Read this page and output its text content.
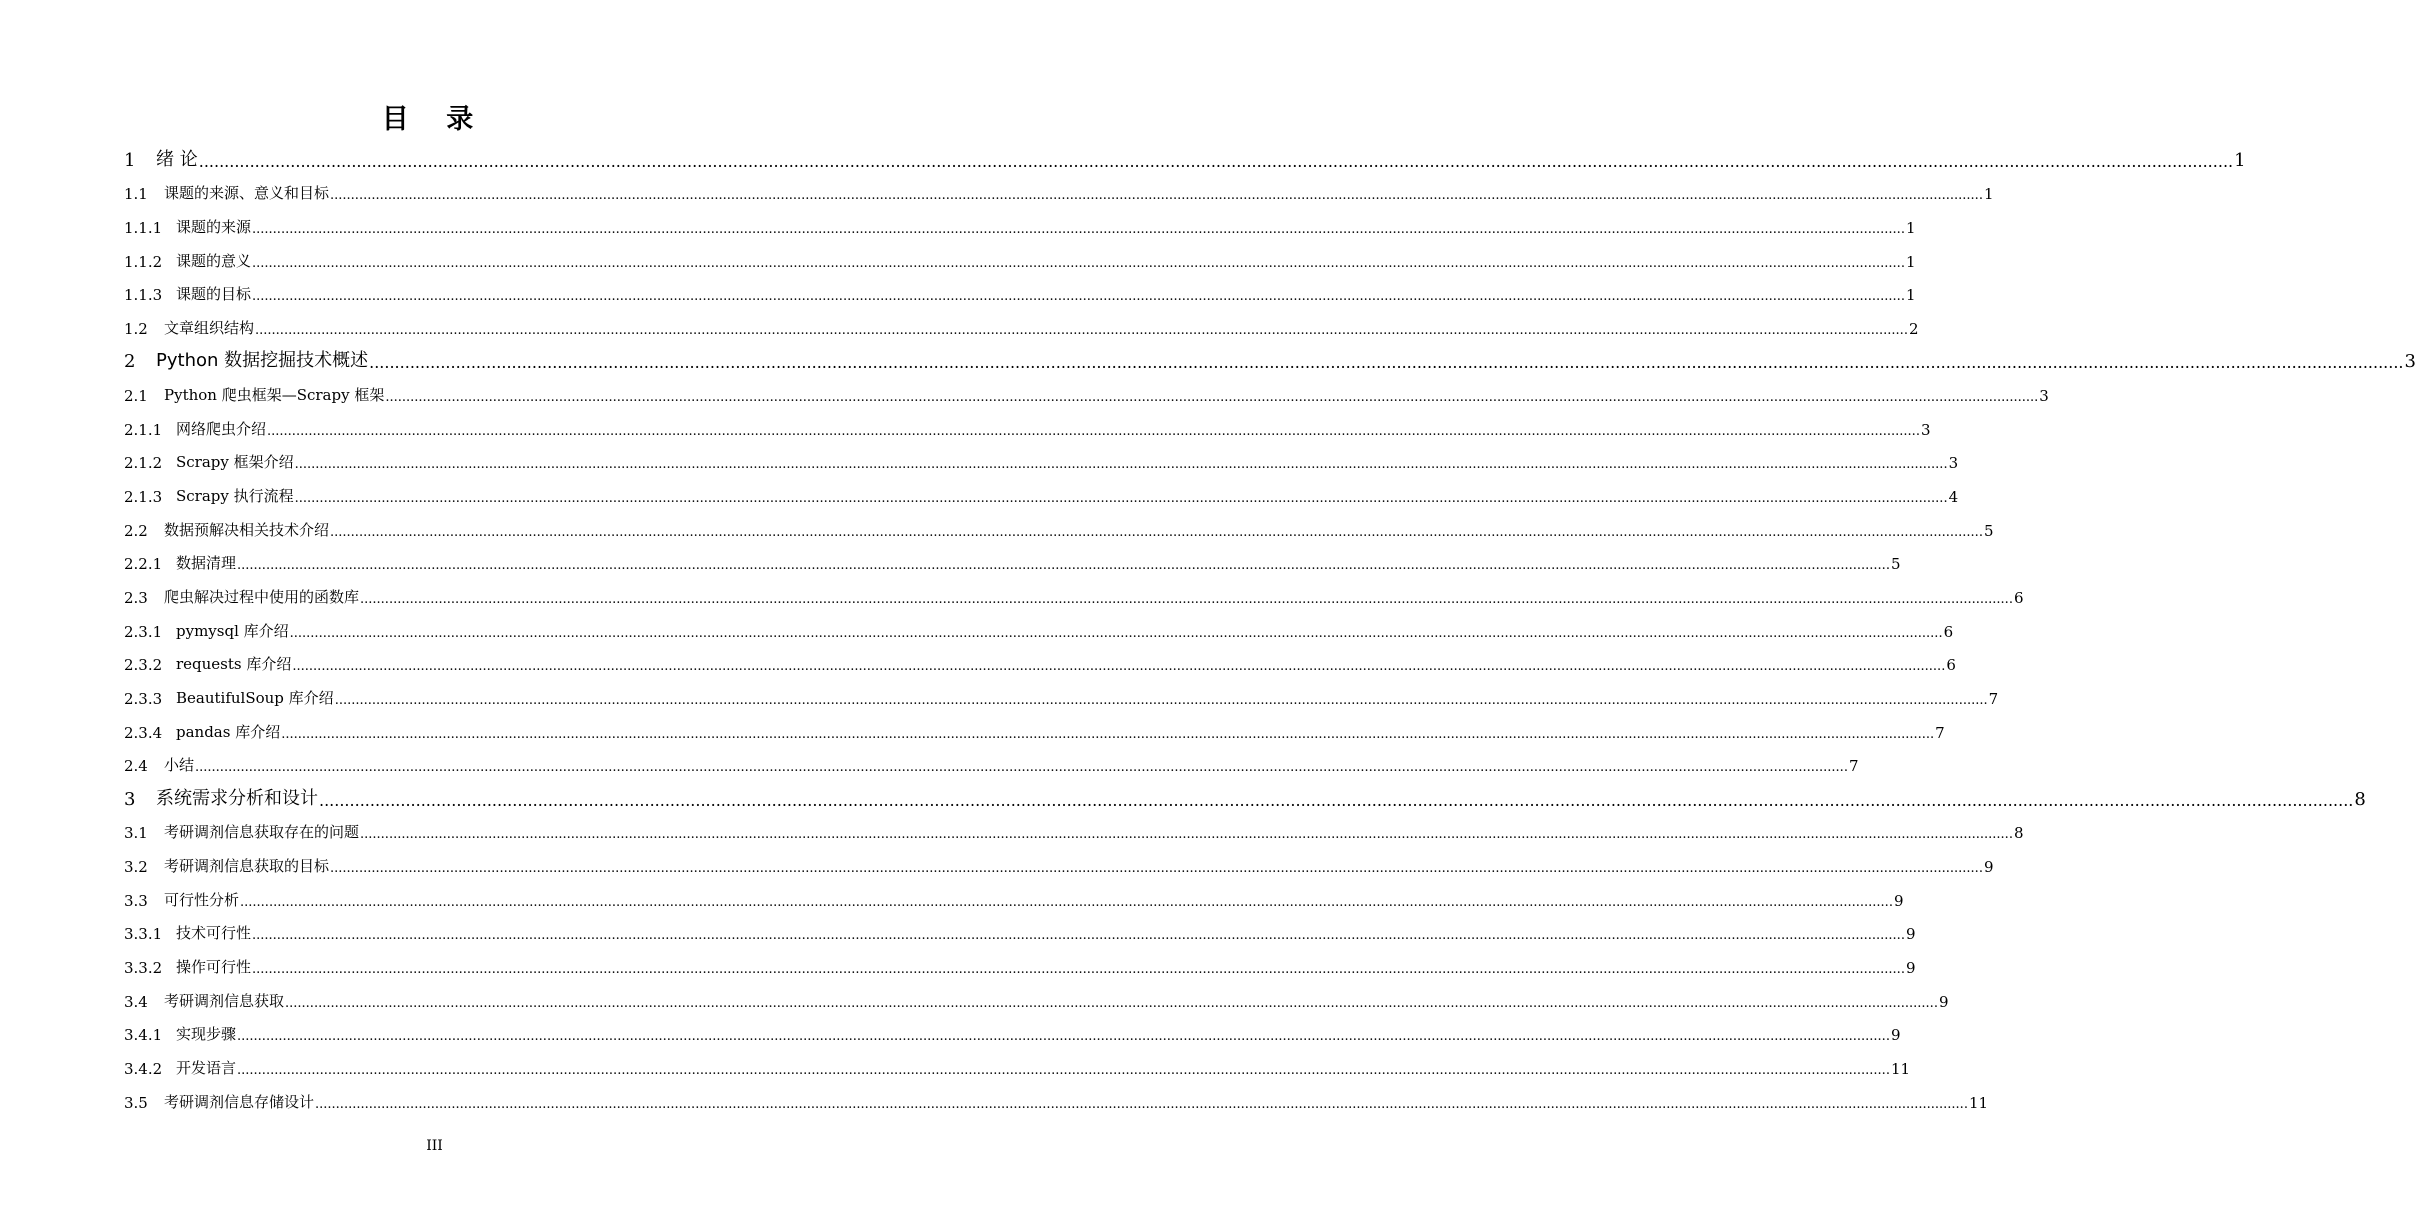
目 录
1	绪 论 ................................................................................................................................................................................................................................................................................................................................................................................................................ 1
1.1	课题的来源、意义和目标 ................................................................................................................................................................................................................................................................................................................................................................................................................ 1
1.1.1 课题的来源 ................................................................................................................................................................................................................................................................................................................................................................................................................ 1
1.1.2 课题的意义 ................................................................................................................................................................................................................................................................................................................................................................................................................ 1
1.1.3 课题的目标 ................................................................................................................................................................................................................................................................................................................................................................................................................ 1
1.2	文章组织结构 ................................................................................................................................................................................................................................................................................................................................................................................................................ 2
2	Python 数据挖掘技术概述 ................................................................................................................................................................................................................................................................................................................................................................................................................ 3
2.1	Python 爬虫框架—Scrapy 框架 ................................................................................................................................................................................................................................................................................................................................................................................................................ 3
2.1.1 网络爬虫介绍 ................................................................................................................................................................................................................................................................................................................................................................................................................ 3
2.1.2 Scrapy 框架介绍 ................................................................................................................................................................................................................................................................................................................................................................................................................ 3
2.1.3 Scrapy 执行流程 ................................................................................................................................................................................................................................................................................................................................................................................................................ 4
2.2	数据预解决相关技术介绍 ................................................................................................................................................................................................................................................................................................................................................................................................................ 5
2.2.1 数据清理 ................................................................................................................................................................................................................................................................................................................................................................................................................ 5
2.3	爬虫解决过程中使用的函数库 ................................................................................................................................................................................................................................................................................................................................................................................................................ 6
2.3.1 pymysql 库介绍 ................................................................................................................................................................................................................................................................................................................................................................................................................ 6
2.3.2 requests 库介绍 ................................................................................................................................................................................................................................................................................................................................................................................................................ 6
2.3.3 BeautifulSoup 库介绍 ................................................................................................................................................................................................................................................................................................................................................................................................................ 7
2.3.4 pandas 库介绍 ................................................................................................................................................................................................................................................................................................................................................................................................................ 7
2.4	小结 ................................................................................................................................................................................................................................................................................................................................................................................................................ 7
3	系统需求分析和设计 ................................................................................................................................................................................................................................................................................................................................................................................................................ 8
3.1	考研调剂信息获取存在的问题 ................................................................................................................................................................................................................................................................................................................................................................................................................ 8
3.2	考研调剂信息获取的目标 ................................................................................................................................................................................................................................................................................................................................................................................................................ 9
3.3	可行性分析 ................................................................................................................................................................................................................................................................................................................................................................................................................ 9
3.3.1 技术可行性 ................................................................................................................................................................................................................................................................................................................................................................................................................ 9
3.3.2 操作可行性 ................................................................................................................................................................................................................................................................................................................................................................................................................ 9
3.4	考研调剂信息获取 ................................................................................................................................................................................................................................................................................................................................................................................................................ 9
3.4.1 实现步骤 ................................................................................................................................................................................................................................................................................................................................................................................................................ 9
3.4.2 开发语言 ................................................................................................................................................................................................................................................................................................................................................................................................................ 11
3.5	考研调剂信息存储设计 ................................................................................................................................................................................................................................................................................................................................................................................................................ 11
III
